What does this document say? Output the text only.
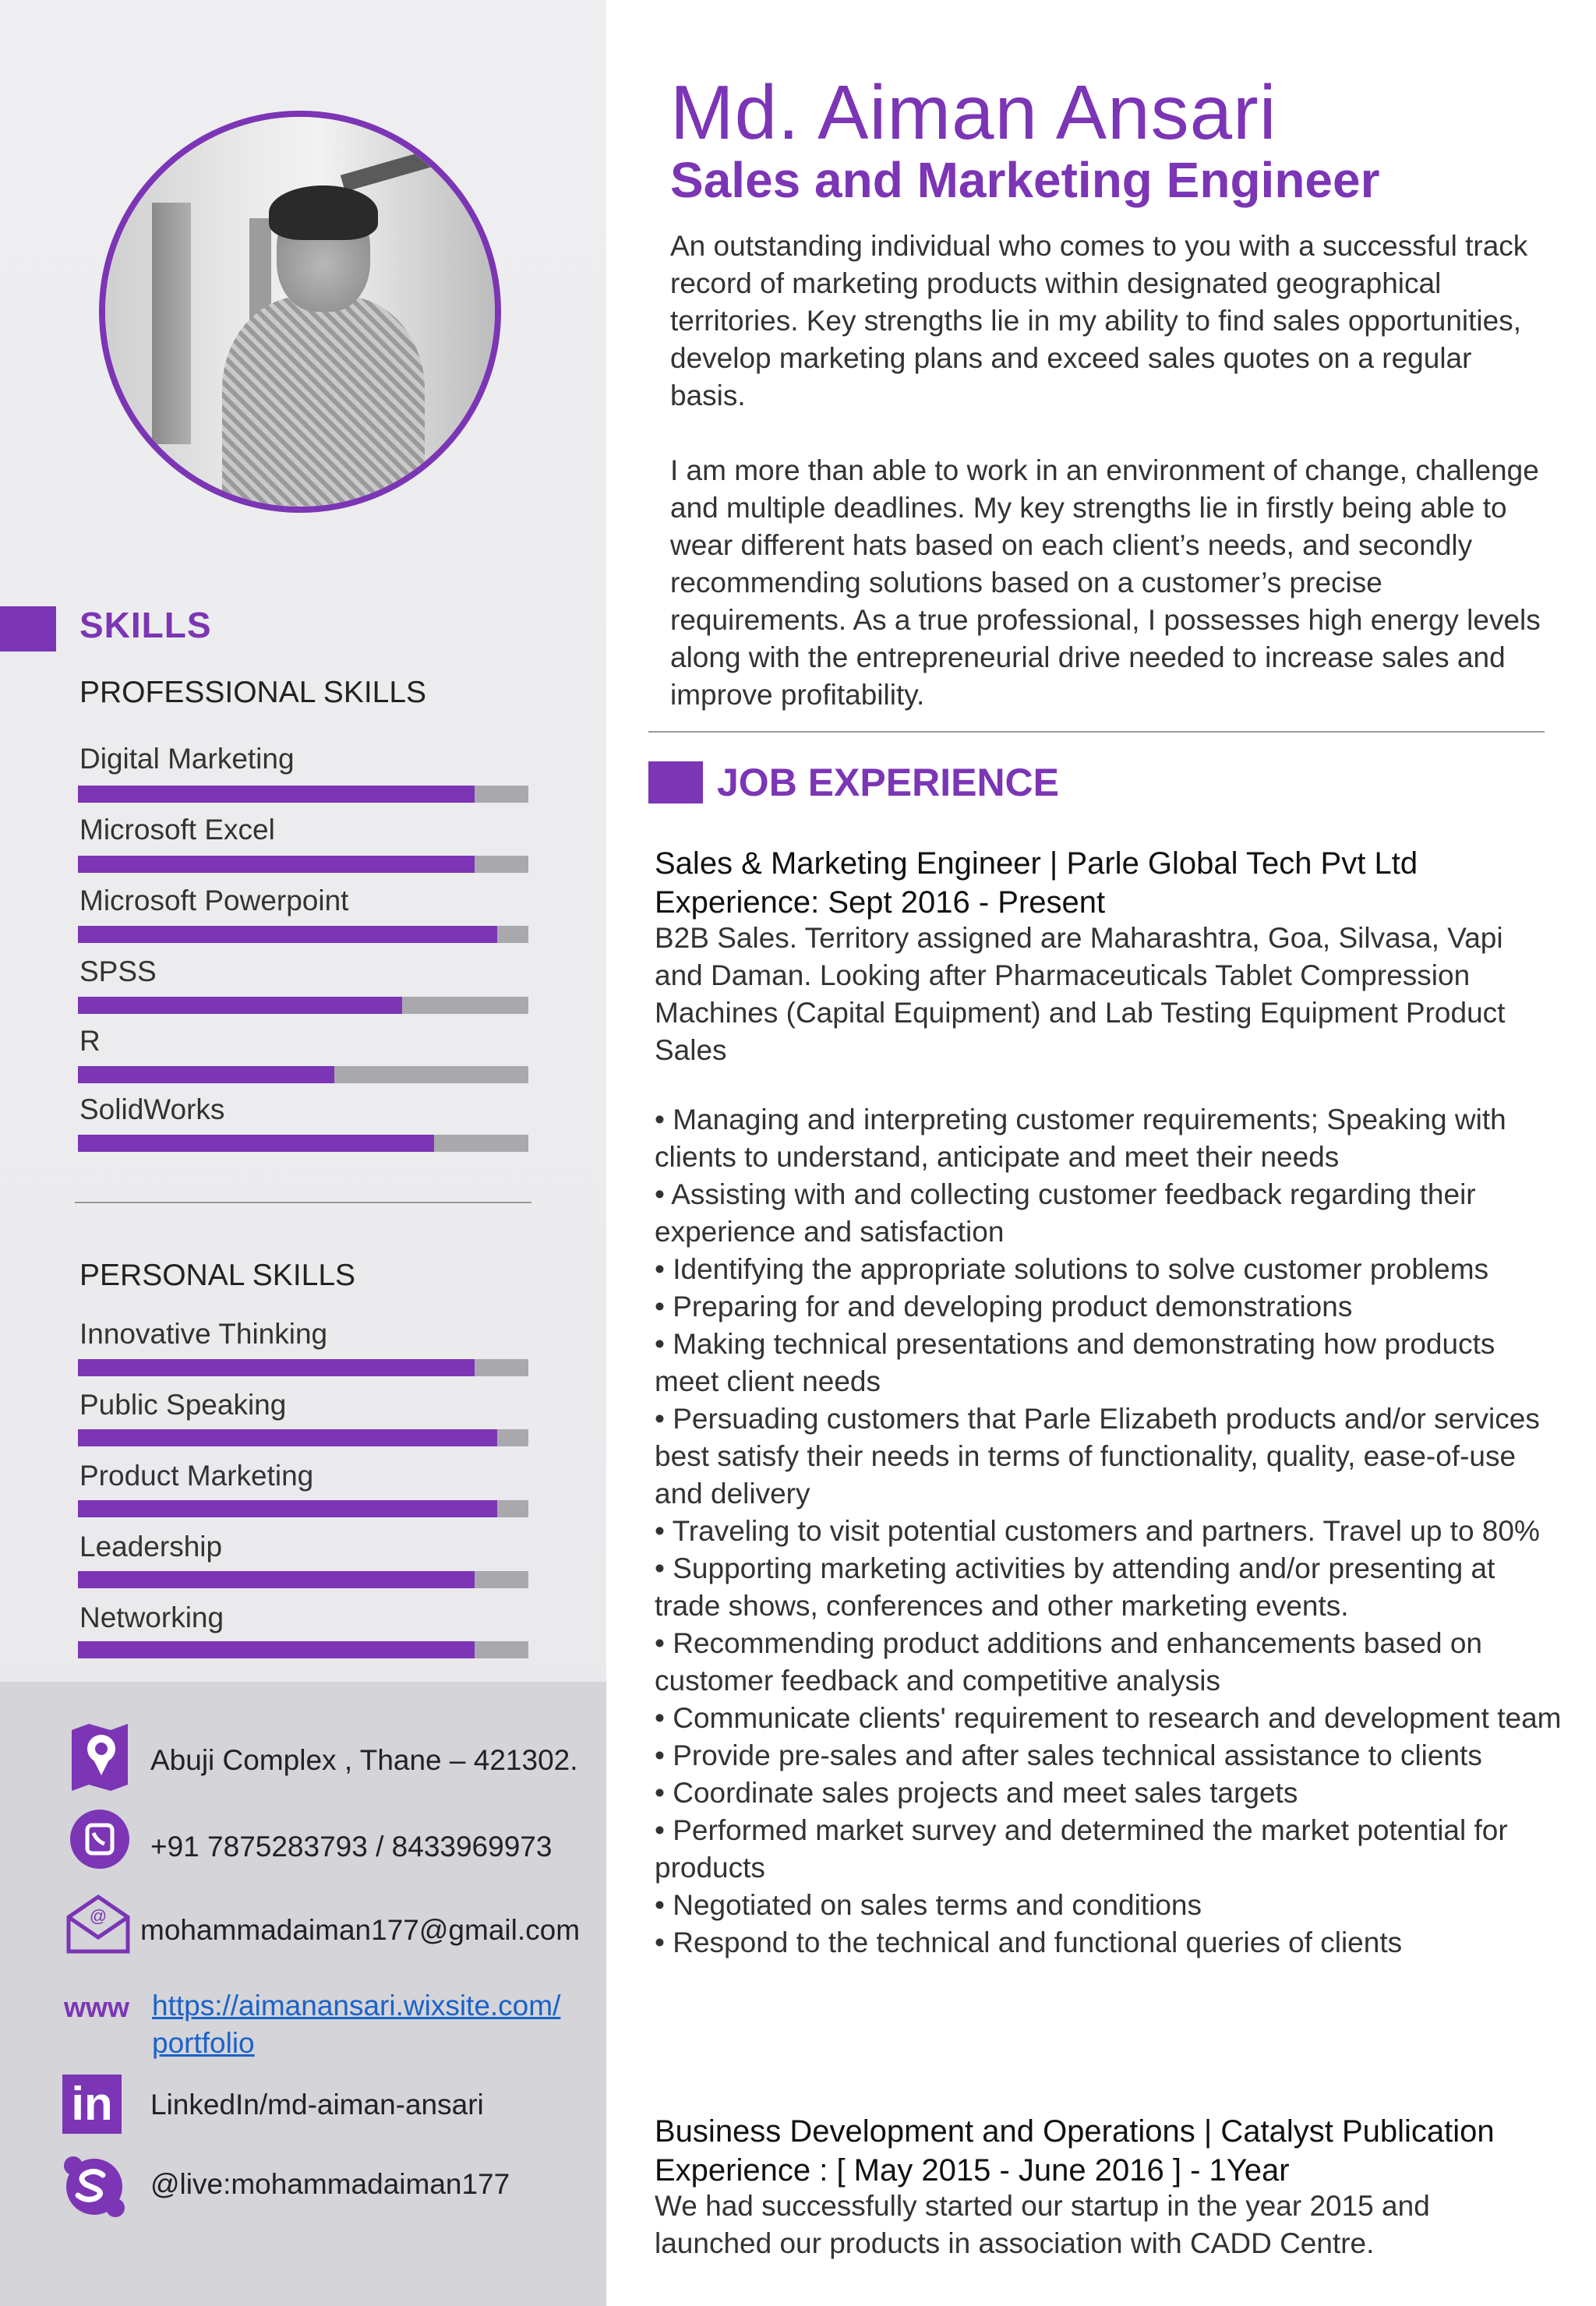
SKILLS
PROFESSIONAL SKILLS
Digital Marketing
Microsoft Excel
Microsoft Powerpoint
SPSS
R
SolidWorks
PERSONAL SKILLS
Innovative Thinking
Public Speaking
Product Marketing
Leadership
Networking
Abuji Complex , Thane – 421302.
+91 7875283793 / 8433969973
@ mohammadaiman177@gmail.com
www https://aimanansari.wixsite.com/
portfolio
in	LinkedIn/md-aiman-ansari
@live:mohammadaiman177
Md. Aiman Ansari
Sales and Marketing Engineer
An outstanding individual who comes to you with a successful track record of marketing products within designated geographical territories. Key strengths lie in my ability to find sales opportunities, develop marketing plans and exceed sales quotes on a regular basis.
I am more than able to work in an environment of change, challenge and multiple deadlines. My key strengths lie in firstly being able to wear different hats based on each client’s needs, and secondly recommending solutions based on a customer’s precise requirements. As a true professional, I possesses high energy levels along with the entrepreneurial drive needed to increase sales and improve profitability.
JOB EXPERIENCE
Sales & Marketing Engineer | Parle Global Tech Pvt Ltd
Experience: Sept 2016 - Present
B2B Sales. Territory assigned are Maharashtra, Goa, Silvasa, Vapi and Daman. Looking after Pharmaceuticals Tablet Compression Machines (Capital Equipment) and Lab Testing Equipment Product Sales
• Managing and interpreting customer requirements; Speaking with clients to understand, anticipate and meet their needs
• Assisting with and collecting customer feedback regarding their experience and satisfaction
• Identifying the appropriate solutions to solve customer problems
• Preparing for and developing product demonstrations
• Making technical presentations and demonstrating how products meet client needs
• Persuading customers that Parle Elizabeth products and/or services best satisfy their needs in terms of functionality, quality, ease-of-use and delivery
• Traveling to visit potential customers and partners. Travel up to 80%
• Supporting marketing activities by attending and/or presenting at trade shows, conferences and other marketing events.
• Recommending product additions and enhancements based on customer feedback and competitive analysis
• Communicate clients' requirement to research and development team
• Provide pre-sales and after sales technical assistance to clients
• Coordinate sales projects and meet sales targets
• Performed market survey and determined the market potential for products
• Negotiated on sales terms and conditions
• Respond to the technical and functional queries of clients
Business Development and Operations | Catalyst Publication
Experience : [ May 2015 - June 2016 ] - 1Year
We had successfully started our startup in the year 2015 and launched our products in association with CADD Centre.
